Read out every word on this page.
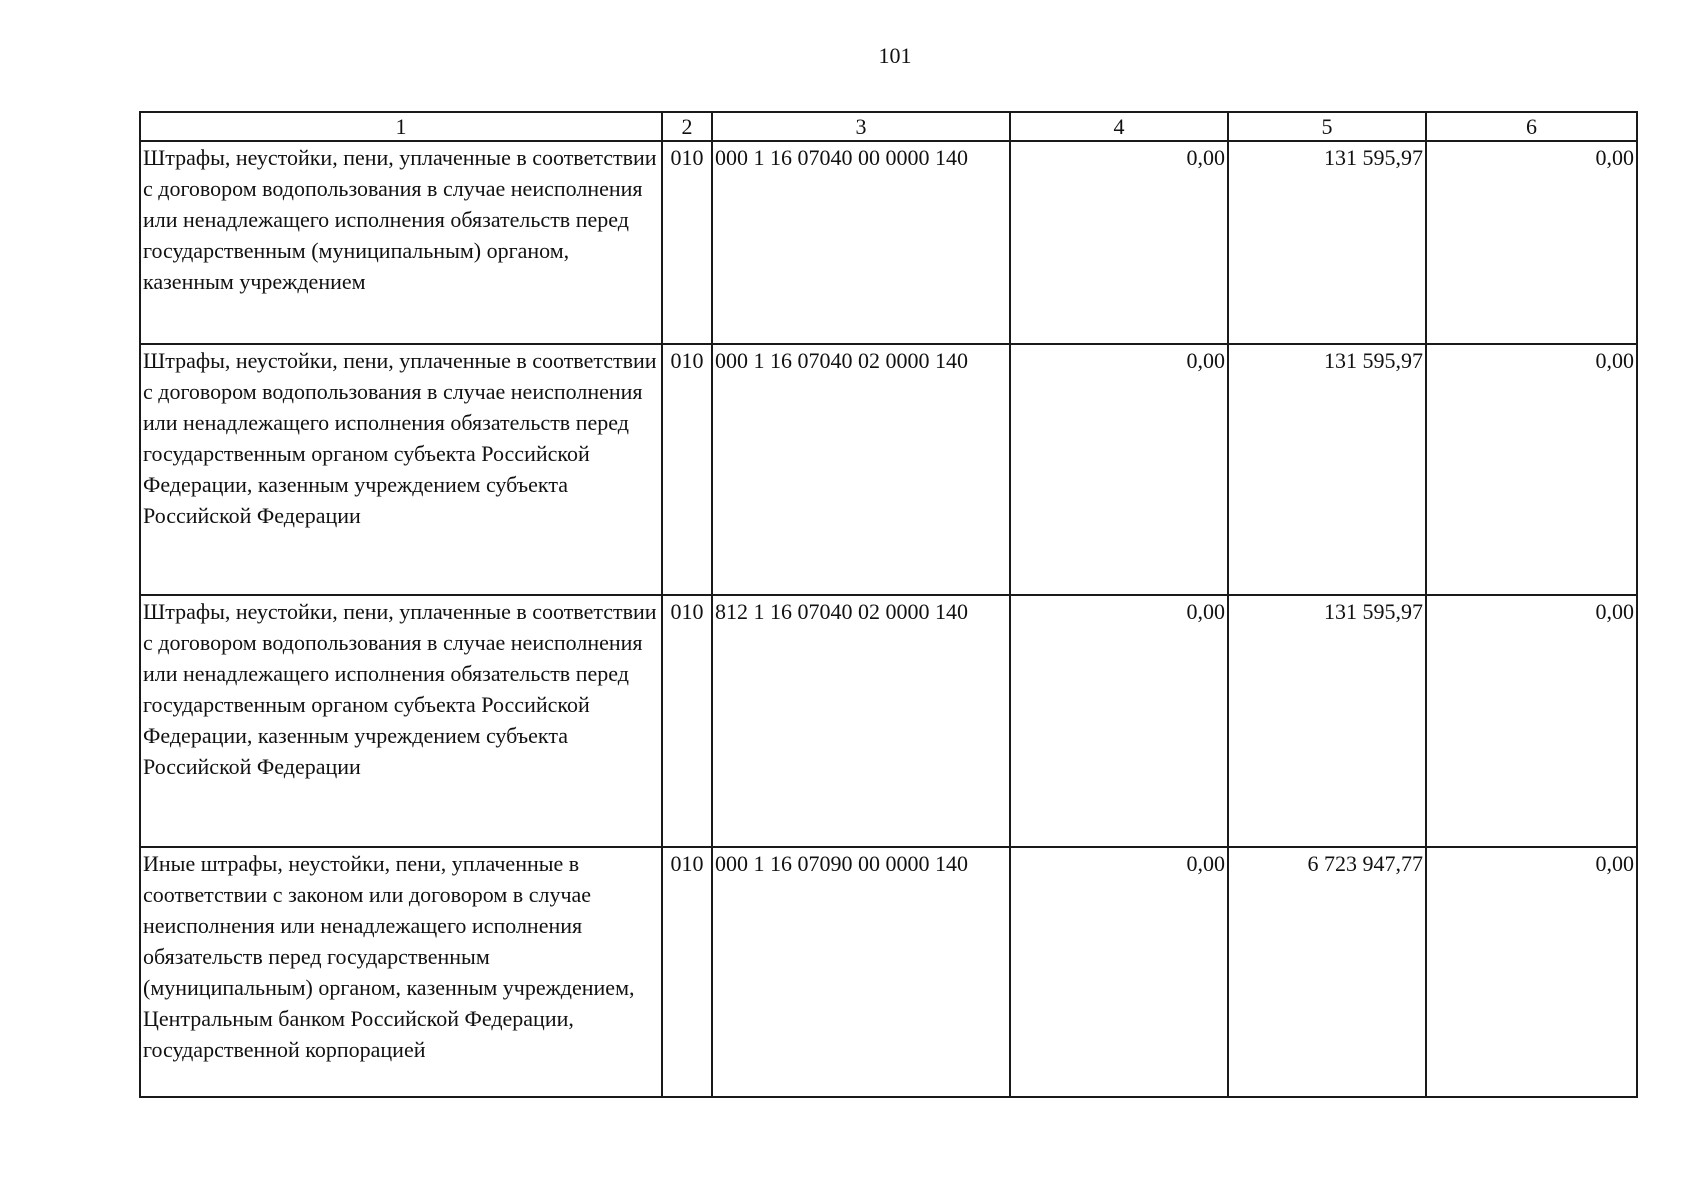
101
1	2	3	4	5	6
Штрафы, неустойки, пени, уплаченные в соответствии с договором водопользования в случае неисполнения или ненадлежащего исполнения обязательств перед государственным (муниципальным) органом, казенным учреждением	010	000 1 16 07040 00 0000 140	0,00	131 595,97	0,00
Штрафы, неустойки, пени, уплаченные в соответствии с договором водопользования в случае неисполнения или ненадлежащего исполнения обязательств перед государственным органом субъекта Российской Федерации, казенным учреждением субъекта Российской Федерации	010	000 1 16 07040 02 0000 140	0,00	131 595,97	0,00
Штрафы, неустойки, пени, уплаченные в соответствии с договором водопользования в случае неисполнения или ненадлежащего исполнения обязательств перед государственным органом субъекта Российской Федерации, казенным учреждением субъекта Российской Федерации	010	812 1 16 07040 02 0000 140	0,00	131 595,97	0,00
Иные штрафы, неустойки, пени, уплаченные в соответствии с законом или договором в случае неисполнения или ненадлежащего исполнения обязательств перед государственным (муниципальным) органом, казенным учреждением, Центральным банком Российской Федерации, государственной корпорацией	010	000 1 16 07090 00 0000 140	0,00	6 723 947,77	0,00
